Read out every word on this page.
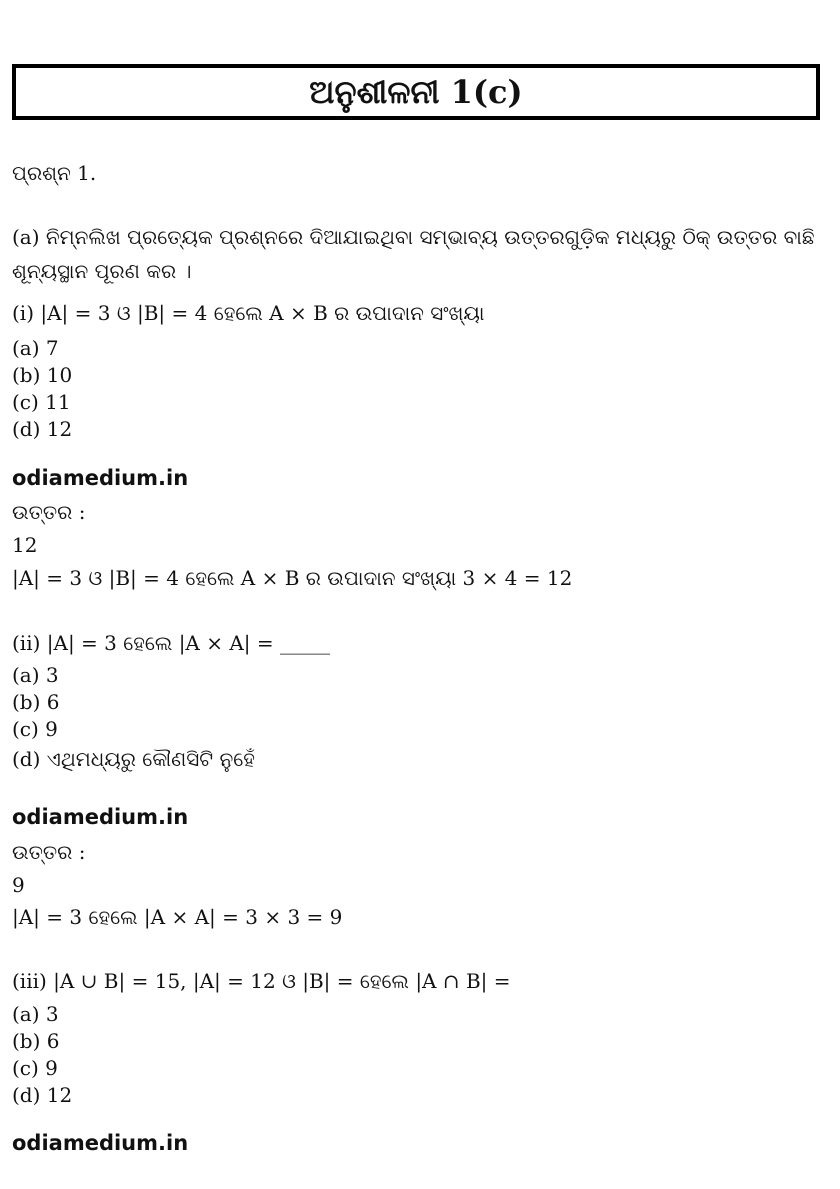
ଅନୁଶୀଳନୀ 1(c)
ପ୍ରଶ୍ନ 1.
(a) ନିମ୍ନଲିଖ ପ୍ରତ୍ୟେକ ପ୍ରଶ୍ନରେ ଦିଆଯାଇଥିବା ସମ୍ଭାବ୍ୟ ଉତ୍ତରଗୁଡ଼ିକ ମଧ୍ୟରୁ ଠିକ୍ ଉତ୍ତର ବାଛି ଶୂନ୍ୟସ୍ଥାନ ପୂରଣ କର ।
(i) |A| = 3 ଓ |B| = 4 ହେଲେ A × B ର ଉପାଦାନ ସଂଖ୍ୟା
(a) 7
(b) 10
(c) 11
(d) 12
odiamedium.in
ଉତ୍ତର :
12
|A| = 3 ଓ |B| = 4 ହେଲେ A × B ର ଉପାଦାନ ସଂଖ୍ୟା 3 × 4 = 12
(ii) |A| = 3 ହେଲେ |A × A| = _____
(a) 3
(b) 6
(c) 9
(d) ଏଥିମଧ୍ୟରୁ କୌଣସିଟି ନୁହେଁ
odiamedium.in
ଉତ୍ତର :
9
|A| = 3 ହେଲେ |A × A| = 3 × 3 = 9
(iii) |A ∪ B| = 15, |A| = 12 ଓ |B| = ହେଲେ |A ∩ B| =
(a) 3
(b) 6
(c) 9
(d) 12
odiamedium.in
